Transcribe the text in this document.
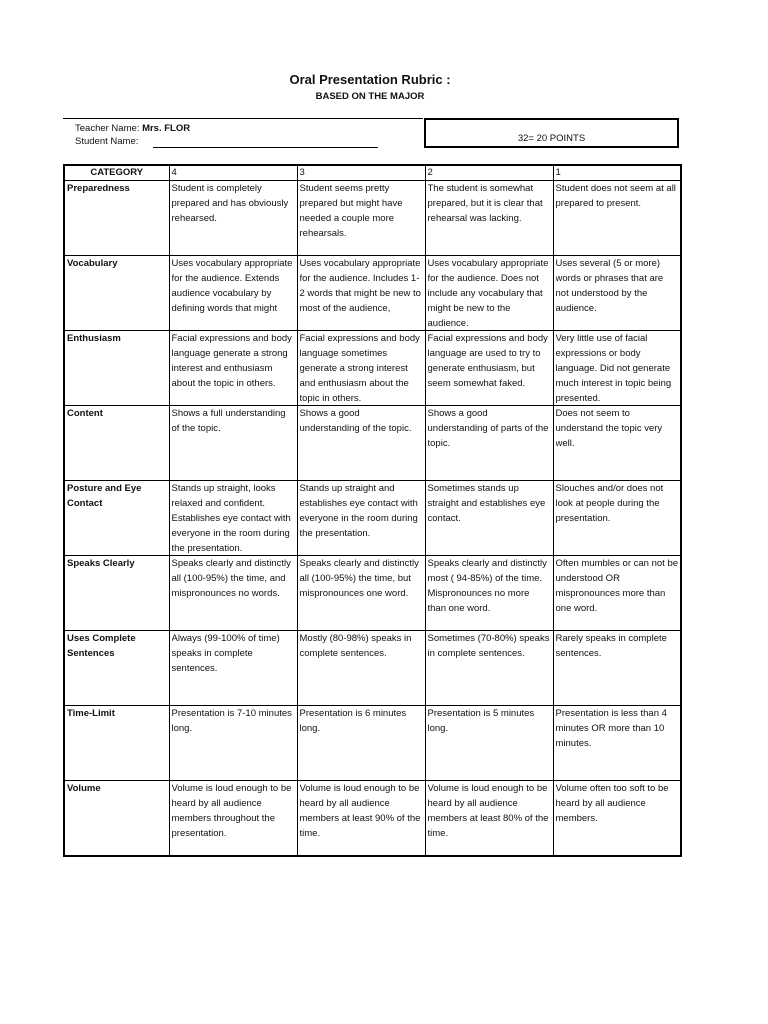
Oral Presentation Rubric :
BASED ON THE MAJOR
Teacher Name: Mrs. FLOR
Student Name:	32= 20 POINTS
CATEGORY	4	3	2	1

Preparedness	Student is completely prepared and has obviously rehearsed.	Student seems pretty prepared but might have needed a couple more rehearsals.	The student is somewhat prepared, but it is clear that rehearsal was lacking.	Student does not seem at all prepared to present.

Vocabulary	Uses vocabulary appropriate for the audience. Extends audience vocabulary by defining words that might	Uses vocabulary appropriate for the audience. Includes 1-2 words that might be new to most of the audience,	Uses vocabulary appropriate for the audience. Does not include any vocabulary that might be new to the audience.	Uses several (5 or more) words or phrases that are not understood by the audience.

Enthusiasm	Facial expressions and body language generate a strong interest and enthusiasm about the topic in others.	Facial expressions and body language sometimes generate a strong interest and enthusiasm about the topic in others.	Facial expressions and body language are used to try to generate enthusiasm, but seem somewhat faked.	Very little use of facial expressions or body language. Did not generate much interest in topic being presented.

Content	Shows a full understanding of the topic.	Shows a good understanding of the topic.	Shows a good understanding of parts of the topic.	Does not seem to understand the topic very well.

Posture and Eye Contact	Stands up straight, looks relaxed and confident. Establishes eye contact with everyone in the room during the presentation.	Stands up straight and establishes eye contact with everyone in the room during the presentation.	Sometimes stands up straight and establishes eye contact.	Slouches and/or does not look at people during the presentation.

Speaks Clearly	Speaks clearly and distinctly all (100-95%) the time, and mispronounces no words.	Speaks clearly and distinctly all (100-95%) the time, but mispronounces one word.	Speaks clearly and distinctly most ( 94-85%) of the time. Mispronounces no more than one word.	Often mumbles or can not be understood OR mispronounces more than one word.

Uses Complete Sentences	Always (99-100% of time) speaks in complete sentences.	Mostly (80-98%) speaks in complete sentences.	Sometimes (70-80%) speaks in complete sentences.	Rarely speaks in complete sentences.

Time-Limit	Presentation is 7-10 minutes long.	Presentation is 6 minutes long.	Presentation is 5 minutes long.	Presentation is less than 4 minutes OR more than 10 minutes.

Volume	Volume is loud enough to be heard by all audience members throughout the presentation.	Volume is loud enough to be heard by all audience members at least 90% of the time.	Volume is loud enough to be heard by all audience members at least 80% of the time.	Volume often too soft to be heard by all audience members.
